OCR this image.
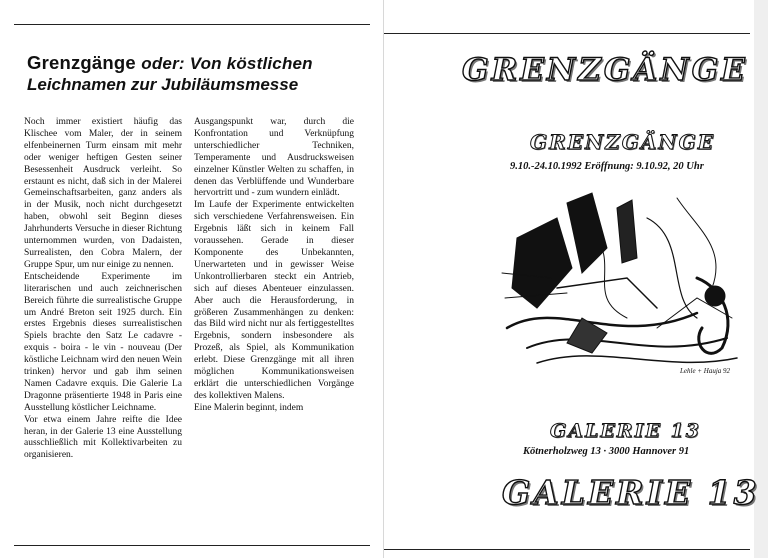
Grenzgänge oder: Von köstlichen
Leichnamen zur Jubiläumsmesse

Noch immer existiert häufig das Klischee vom Maler, der in seinem elfenbeinernen Turm einsam mit mehr oder weniger heftigen Gesten seiner Besessenheit Ausdruck verleiht. So erstaunt es nicht, daß sich in der Malerei Gemeinschaftsarbeiten, ganz anders als in der Musik, noch nicht durchgesetzt haben, obwohl seit Beginn dieses Jahrhunderts Versuche in dieser Richtung unternommen wurden, von Dadaisten, Surrealisten, den Cobra Malern, der Gruppe Spur, um nur einige zu nennen.

Entscheidende Experimente im literarischen und auch zeichnerischen Bereich führte die surrealistische Gruppe um André Breton seit 1925 durch. Ein erstes Ergebnis dieses surrealistischen Spiels brachte den Satz Le cadavre - exquis - boira - le vin - nouveau (Der köstliche Leichnam wird den neuen Wein trinken) hervor und gab ihm seinen Namen Cadavre exquis. Die Galerie La Dragonne präsentierte 1948 in Paris eine Ausstellung köstlicher Leichname.

Vor etwa einem Jahre reifte die Idee heran, in der Galerie 13 eine Ausstellung ausschließlich mit Kollektivarbeiten zu organisieren.

Ausgangspunkt war, durch die Konfrontation und Verknüpfung unterschiedlicher Techniken, Temperamente und Ausdrucksweisen einzelner Künstler Welten zu schaffen, in denen das Verblüffende und Wunderbare hervortritt und - zum wundern einlädt.

Im Laufe der Experimente entwickelten sich verschiedene Verfahrensweisen. Ein Ergebnis läßt sich in keinem Fall voraussehen. Gerade in dieser Komponente des Unbekannten, Unerwarteten und in gewisser Weise Unkontrollierbaren steckt ein Antrieb, sich auf dieses Abenteuer einzulassen. Aber auch die Herausforderung, in größeren Zusammenhängen zu denken: das Bild wird nicht nur als fertiggestelltes Ergebnis, sondern insbesondere als Prozeß, als Spiel, als Kommunikation erlebt. Diese Grenzgänge mit all ihren möglichen Kommunikationsweisen erklärt die unterschiedlichen Vorgänge des kollektiven Malens.

Eine Malerin beginnt, indem

GRENZGÄNGE
GRENZGÄNGE
9.10.-24.10.1992 Eröffnung: 9.10.92, 20 Uhr
Lehle + Hauja 92
GALERIE 13
Kötnerholzweg 13 · 3000 Hannover 91
GALERIE 13
